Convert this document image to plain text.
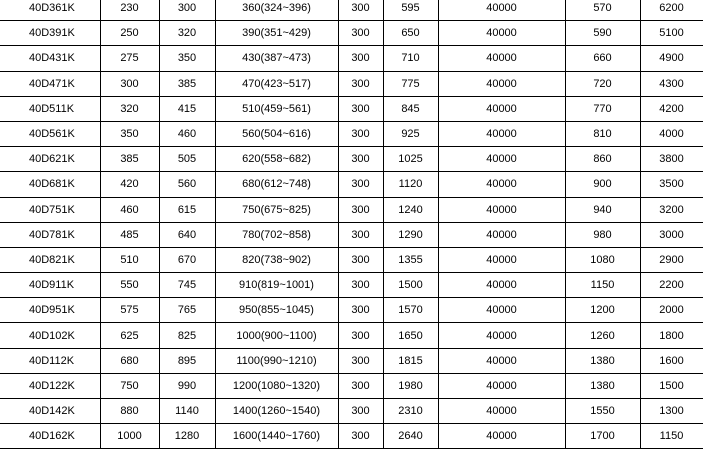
40D361K	230	300	360(324~396)	300	595	40000	570	6200
40D391K	250	320	390(351~429)	300	650	40000	590	5100
40D431K	275	350	430(387~473)	300	710	40000	660	4900
40D471K	300	385	470(423~517)	300	775	40000	720	4300
40D511K	320	415	510(459~561)	300	845	40000	770	4200
40D561K	350	460	560(504~616)	300	925	40000	810	4000
40D621K	385	505	620(558~682)	300	1025	40000	860	3800
40D681K	420	560	680(612~748)	300	1120	40000	900	3500
40D751K	460	615	750(675~825)	300	1240	40000	940	3200
40D781K	485	640	780(702~858)	300	1290	40000	980	3000
40D821K	510	670	820(738~902)	300	1355	40000	1080	2900
40D911K	550	745	910(819~1001)	300	1500	40000	1150	2200
40D951K	575	765	950(855~1045)	300	1570	40000	1200	2000
40D102K	625	825	1000(900~1100)	300	1650	40000	1260	1800
40D112K	680	895	1100(990~1210)	300	1815	40000	1380	1600
40D122K	750	990	1200(1080~1320)	300	1980	40000	1380	1500
40D142K	880	1140	1400(1260~1540)	300	2310	40000	1550	1300
40D162K	1000	1280	1600(1440~1760)	300	2640	40000	1700	1150
